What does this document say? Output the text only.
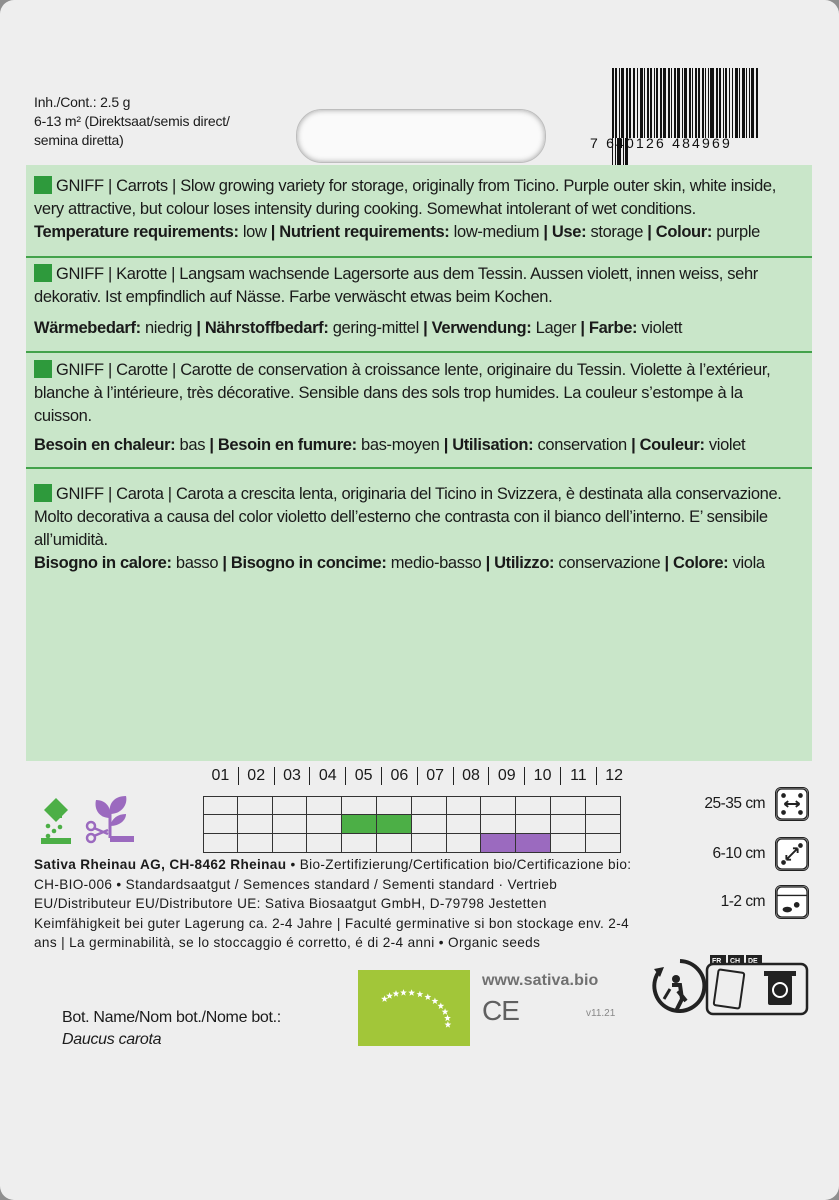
Inh./Cont.: 2.5 g
6-13 m² (Direktsaat/semis direct/
semina diretta)	7 640126 484969
GNIFF | Carrots | Slow growing variety for storage, originally from Ticino. Purple outer skin, white inside, very attractive, but colour loses intensity during cooking. Somewhat intolerant of wet conditions.
Temperature requirements: low | Nutrient requirements: low-medium | Use: storage | Colour: purple
GNIFF | Karotte | Langsam wachsende Lagersorte aus dem Tessin. Aussen violett, innen weiss, sehr dekorativ. Ist empfindlich auf Nässe. Farbe verwäscht etwas beim Kochen.
Wärmebedarf: niedrig | Nährstoffbedarf: gering-mittel | Verwendung: Lager | Farbe: violett
GNIFF | Carotte | Carotte de conservation à croissance lente, originaire du Tessin. Violette à l’extérieur, blanche à l’intérieure, très décorative. Sensible dans des sols trop humides. La couleur s’estompe à la cuisson.
Besoin en chaleur: bas | Besoin en fumure: bas-moyen | Utilisation: conservation | Couleur: violet
GNIFF | Carota | Carota a crescita lenta, originaria del Ticino in Svizzera, è destinata alla conservazione. Molto decorativa a causa del color violetto dell’esterno che contrasta con il bianco dell’interno. E’ sensibile all’umidità.
Bisogno in calore: basso | Bisogno in concime: medio-basso | Utilizzo: conservazione | Colore: viola
01	02	03	04	05	06	07	08	09	10	11	12
Sativa Rheinau AG, CH-8462 Rheinau • Bio-Zertifizierung/Certification bio/Certificazione bio: CH-BIO-006 • Standardsaatgut / Semences standard / Sementi standard · Vertrieb EU/Distributeur EU/Distributore UE: Sativa Biosaatgut GmbH, D-79798 Jestetten Keimfähigkeit bei guter Lagerung ca. 2-4 Jahre | Faculté germinative si bon stockage env. 2-4 ans | La germinabilità, se lo stoccaggio é corretto, é di 2-4 anni • Organic seeds
25-35 cm
6-10 cm
1-2 cm
Bot. Name/Nom bot./Nome bot.:
Daucus carota
www.sativa.bio
CE	v11.21
FR CH DE
